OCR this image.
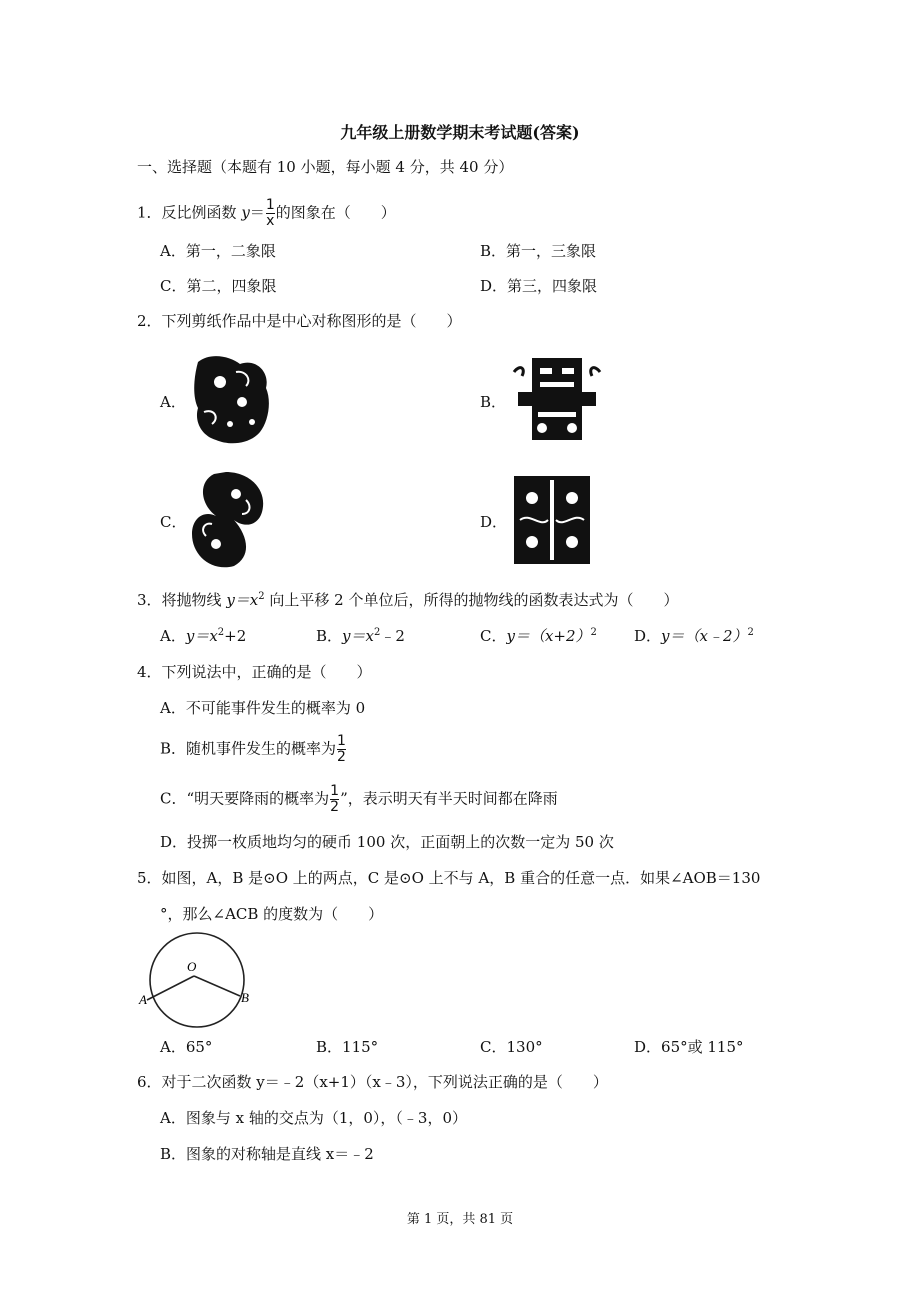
九年级上册数学期末考试题(答案)
一、选择题（本题有 10 小题，每小题 4 分，共 40 分）
1．反比例函数 $y= \frac{1}{x}$ 的图象在（　　）
A．第一，二象限	B．第一，三象限
C．第二，四象限	D．第三，四象限
2．下列剪纸作品中是中心对称图形的是（　　）
A．	B．
C．	D．
3．将抛物线 $y=x^2$ 向上平移 2 个单位后，所得的抛物线的函数表达式为（　　）
A．$y=x^2+2$	B．$y=x^2﹣2$	C．$y=(x+2)^2$ D．y＝（x﹣2）$^2$
4．下列说法中，正确的是（　　）
A．不可能事件发生的概率为 0
B．随机事件发生的概率为 $\frac{1}{2}$
C．“明天要降雨的概率为 $\frac{1}{2}$ ”，表示明天有半天时间都在降雨
D．投掷一枚质地均匀的硬币 100 次，正面朝上的次数一定为 50 次
5．如图，A，B 是⊙O 上的两点，C 是⊙O 上不与 A，B 重合的任意一点．如果∠AOB＝130
°，那么∠ACB 的度数为（　　）
O
A	B
A．65°	B．115°	C．130°	D．65°或 115°
6．对于二次函数 y＝﹣2（x+1）（x﹣3），下列说法正确的是（　　）
A．图象与 x 轴的交点为（1，0），（﹣3，0）
B．图象的对称轴是直线 x＝﹣2
第 1 页，共 81 页
